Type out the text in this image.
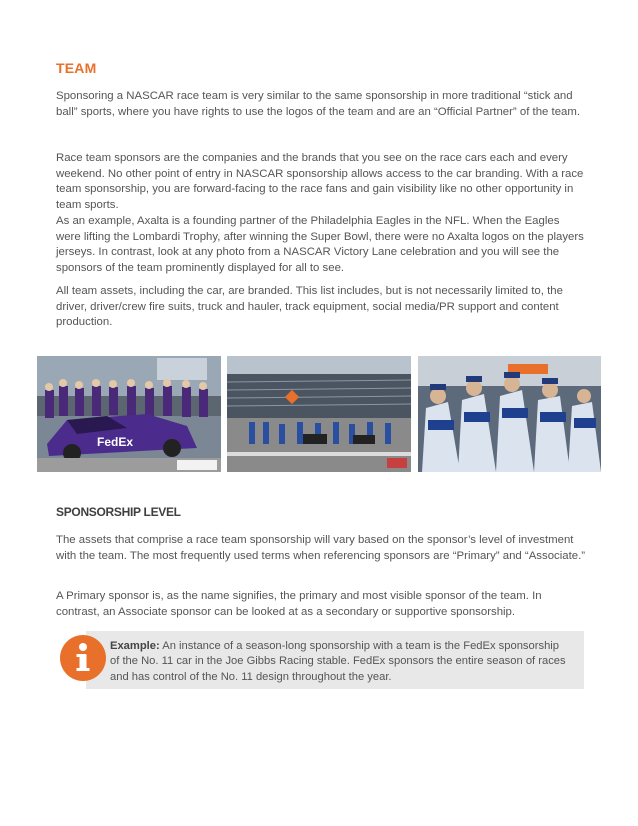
TEAM

Sponsoring a NASCAR race team is very similar to the same sponsorship in more traditional “stick and ball” sports, where you have rights to use the logos of the team and are an “Official Partner” of the team.

Race team sponsors are the companies and the brands that you see on the race cars each and every weekend. No other point of entry in NASCAR sponsorship allows access to the car branding. With a race team sponsorship, you are forward-facing to the race fans and gain visibility like no other opportunity in team sports.

As an example, Axalta is a founding partner of the Philadelphia Eagles in the NFL. When the Eagles were lifting the Lombardi Trophy, after winning the Super Bowl, there were no Axalta logos on the players jerseys. In contrast, look at any photo from a NASCAR Victory Lane celebration and you will see the sponsors of the team prominently displayed for all to see.

All team assets, including the car, are branded. This list includes, but is not necessarily limited to, the driver, driver/crew fire suits, truck and hauler, track equipment, social media/PR support and content production.

FedEx
SPONSORSHIP LEVEL

The assets that comprise a race team sponsorship will vary based on the sponsor’s level of investment with the team. The most frequently used terms when referencing sponsors are “Primary” and “Associate.”

A Primary sponsor is, as the name signifies, the primary and most visible sponsor of the team. In contrast, an Associate sponsor can be looked at as a secondary or supportive sponsorship.

Example: An instance of a season-long sponsorship with a team is the FedEx sponsorship of the No. 11 car in the Joe Gibbs Racing stable. FedEx sponsors the entire season of races and has control of the No. 11 design throughout the year.
